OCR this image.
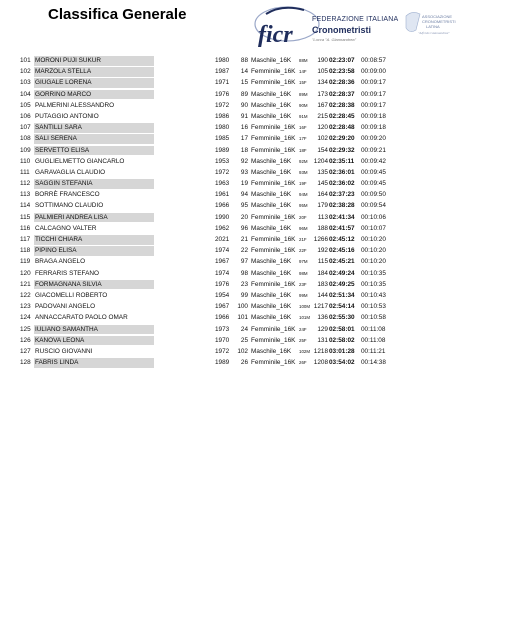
Classifica Generale
ficr
FEDERAZIONE ITALIANA
Cronometristi
"Lucca "A. Giannandrea"
ASSOCIAZIONE
CRONOMETRISTI
LATINA
"Alfredo Giannandrea"
101 MORONI PUJI SUKUR	1980	88 Maschile_16K 88M	190 02:23:07 00:08:57
102 MARZOLA STELLA	1987	14 Femminile_16K 14F	105 02:23:58 00:09:00
103 GIUGALE LORENA	1971	15 Femminile_16K 15F	134 02:28:36 00:09:17
104 GORRINO MARCO	1976	89 Maschile_16K 89M	173 02:28:37 00:09:17
105 PALMERINI ALESSANDRO	1972	90 Maschile_16K 90M	167 02:28:38 00:09:17
106 PUTAGGIO ANTONIO	1986	91 Maschile_16K 91M	215 02:28:45 00:09:18
107 SANTILLI SARA	1980	16 Femminile_16K 16F	120 02:28:48 00:09:18
108 SALI SERENA	1985	17 Femminile_16K 17F	102 02:29:20 00:09:20
109 SERVETTO ELISA	1989	18 Femminile_16K 18F	154 02:29:32 00:09:21
110 GUGLIELMETTO GIANCARLO	1953	92 Maschile_16K 92M 1204 02:35:11 00:09:42
111 GARAVAGLIA CLAUDIO	1972	93 Maschile_16K 93M	135 02:36:01 00:09:45
112 SAGGIN STEFANIA	1963	19 Femminile_16K 19F	145 02:36:02 00:09:45
113 BORRÈ FRANCESCO	1961	94 Maschile_16K 94M	164 02:37:23 00:09:50
114 SOTTIMANO CLAUDIO	1966	95 Maschile_16K 95M	179 02:38:28 00:09:54
115 PALMIERI ANDREA LISA	1990	20 Femminile_16K 20F	113 02:41:34 00:10:06
116 CALCAGNO VALTER	1962	96 Maschile_16K 96M	188 02:41:57 00:10:07
117 TICCHI CHIARA	2021	21 Femminile_16K 21F 1266 02:45:12 00:10:20
118 PIPINO ELISA	1974	22 Femminile_16K 22F	192 02:45:16 00:10:20
119 BRAGA ANGELO	1967	97 Maschile_16K 97M	115 02:45:21 00:10:20
120 FERRARIS STEFANO	1974	98 Maschile_16K 98M	184 02:49:24 00:10:35
121 FORMAGNANA SILVIA	1976	23 Femminile_16K 23F	183 02:49:25 00:10:35
122 GIACOMELLI ROBERTO	1954	99 Maschile_16K 99M	144 02:51:34 00:10:43
123 PADOVANI ANGELO	1967 100 Maschile_16K 100M 1217 02:54:14 00:10:53
124 ANNACCARATO PAOLO OMAR	1966 101 Maschile_16K 101M	136 02:55:30 00:10:58
125 IULIANO SAMANTHA	1973	24 Femminile_16K 24F	129 02:58:01 00:11:08
126 KANOVA LEONA	1970	25 Femminile_16K 25F	131 02:58:02 00:11:08
127 RUSCIO GIOVANNI	1972 102 Maschile_16K 102M 1218 03:01:28 00:11:21
128 FABRIS LINDA	1989	26 Femminile_16K 26F 1208 03:54:02 00:14:38
